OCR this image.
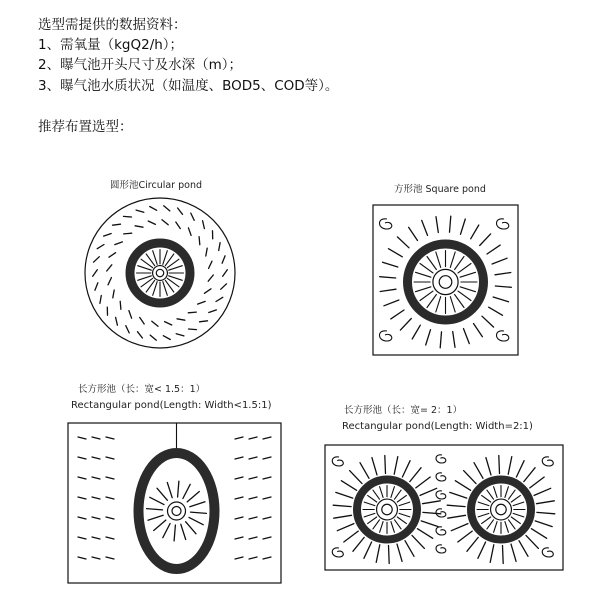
选型需提供的数据资料：
1、需氧量（kgQ2/h）；
2、曝气池开头尺寸及水深（m）；
3、曝气池水质状况（如温度、BOD5、COD等）。
推荐布置选型：
圆形池Circular pond	方形池 Square pond
长方形池（长：宽< 1.5：1）
Rectangular pond(Length: Width<1.5:1)	长方形池（长：宽= 2：1）
Rectangular pond(Length: Width=2:1)
